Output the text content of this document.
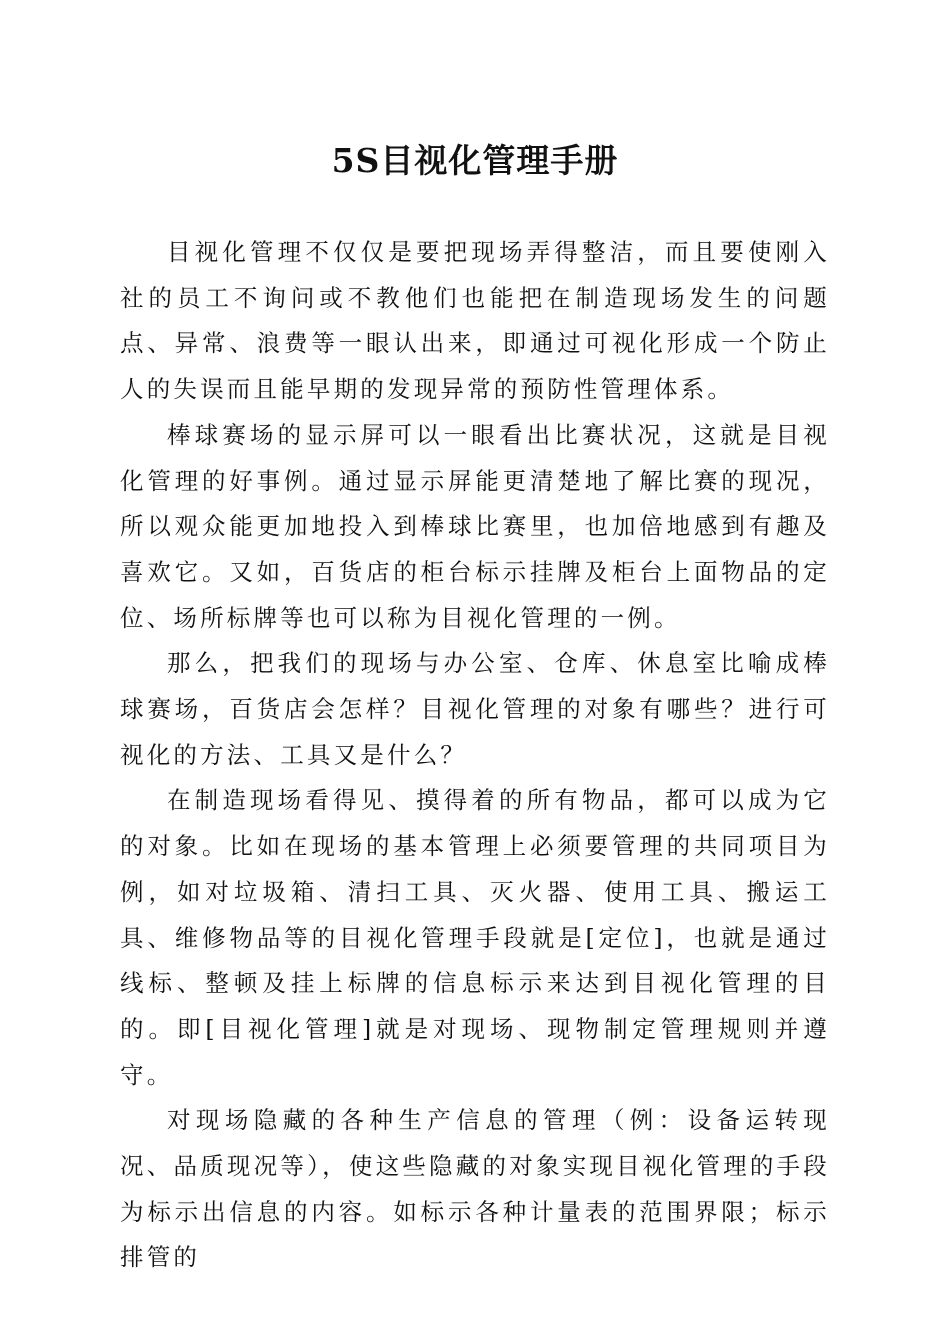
5S目视化管理手册

目视化管理不仅仅是要把现场弄得整洁，而且要使刚入社的员工不询问或不教他们也能把在制造现场发生的问题点、异常、浪费等一眼认出来，即通过可视化形成一个防止人的失误而且能早期的发现异常的预防性管理体系。

棒球赛场的显示屏可以一眼看出比赛状况，这就是目视化管理的好事例。通过显示屏能更清楚地了解比赛的现况，所以观众能更加地投入到棒球比赛里，也加倍地感到有趣及喜欢它。又如，百货店的柜台标示挂牌及柜台上面物品的定位、场所标牌等也可以称为目视化管理的一例。

那么，把我们的现场与办公室、仓库、休息室比喻成棒球赛场，百货店会怎样？目视化管理的对象有哪些？进行可视化的方法、工具又是什么？

在制造现场看得见、摸得着的所有物品，都可以成为它的对象。比如在现场的基本管理上必须要管理的共同项目为例，如对垃圾箱、清扫工具、灭火器、使用工具、搬运工具、维修物品等的目视化管理手段就是[定位]，也就是通过线标、整顿及挂上标牌的信息标示来达到目视化管理的目的。即[目视化管理]就是对现场、现物制定管理规则并遵守。

对现场隐藏的各种生产信息的管理（例：设备运转现况、品质现况等），使这些隐藏的对象实现目视化管理的手段为标示出信息的内容。如标示各种计量表的范围界限；标示排管的
